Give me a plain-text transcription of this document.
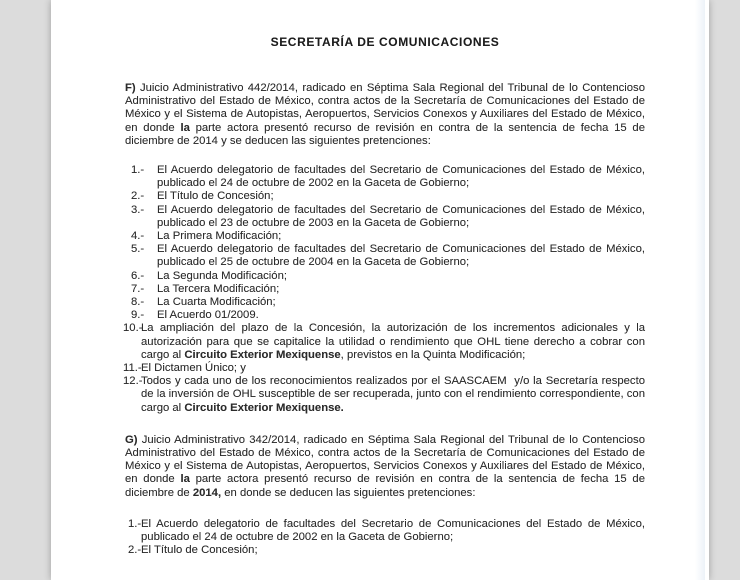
SECRETARÍA DE COMUNICACIONES

F) Juicio Administrativo 442/2014, radicado en Séptima Sala Regional del Tribunal de lo Contencioso Administrativo del Estado de México, contra actos de la Secretaría de Comunicaciones del Estado de México y el Sistema de Autopistas, Aeropuertos, Servicios Conexos y Auxiliares del Estado de México, en donde la parte actora presentó recurso de revisión en contra de la sentencia de fecha 15 de diciembre de 2014 y se deducen las siguientes pretenciones:

1.- El Acuerdo delegatorio de facultades del Secretario de Comunicaciones del Estado de México, publicado el 24 de octubre de 2002 en la Gaceta de Gobierno;
2.- El Título de Concesión;
3.- El Acuerdo delegatorio de facultades del Secretario de Comunicaciones del Estado de México, publicado el 23 de octubre de 2003 en la Gaceta de Gobierno;
4.- La Primera Modificación;
5.- El Acuerdo delegatorio de facultades del Secretario de Comunicaciones del Estado de México, publicado el 25 de octubre de 2004 en la Gaceta de Gobierno;
6.- La Segunda Modificación;
7.- La Tercera Modificación;
8.- La Cuarta Modificación;
9.- El Acuerdo 01/2009.
10.-
La ampliación del plazo de la Concesión, la autorización de los incrementos adicionales y la autorización para que se capitalice la utilidad o rendimiento que OHL tiene derecho a cobrar con cargo al Circuito Exterior Mexiquense, previstos en la Quinta Modificación;
11.- El Dictamen Único; y
12.-
Todos y cada uno de los reconocimientos realizados por el SAASCAEM  y/o la Secretaría respecto de la inversión de OHL susceptible de ser recuperada, junto con el rendimiento correspondiente, con cargo al Circuito Exterior Mexiquense.

G) Juicio Administrativo 342/2014, radicado en Séptima Sala Regional del Tribunal de lo Contencioso Administrativo del Estado de México, contra actos de la Secretaría de Comunicaciones del Estado de México y el Sistema de Autopistas, Aeropuertos, Servicios Conexos y Auxiliares del Estado de México, en donde la parte actora presentó recurso de revisión en contra de la sentencia de fecha 15 de diciembre de 2014, en donde se deducen las siguientes pretenciones:

1.- El Acuerdo delegatorio de facultades del Secretario de Comunicaciones del Estado de México, publicado el 24 de octubre de 2002 en la Gaceta de Gobierno;
2.- El Título de Concesión;
